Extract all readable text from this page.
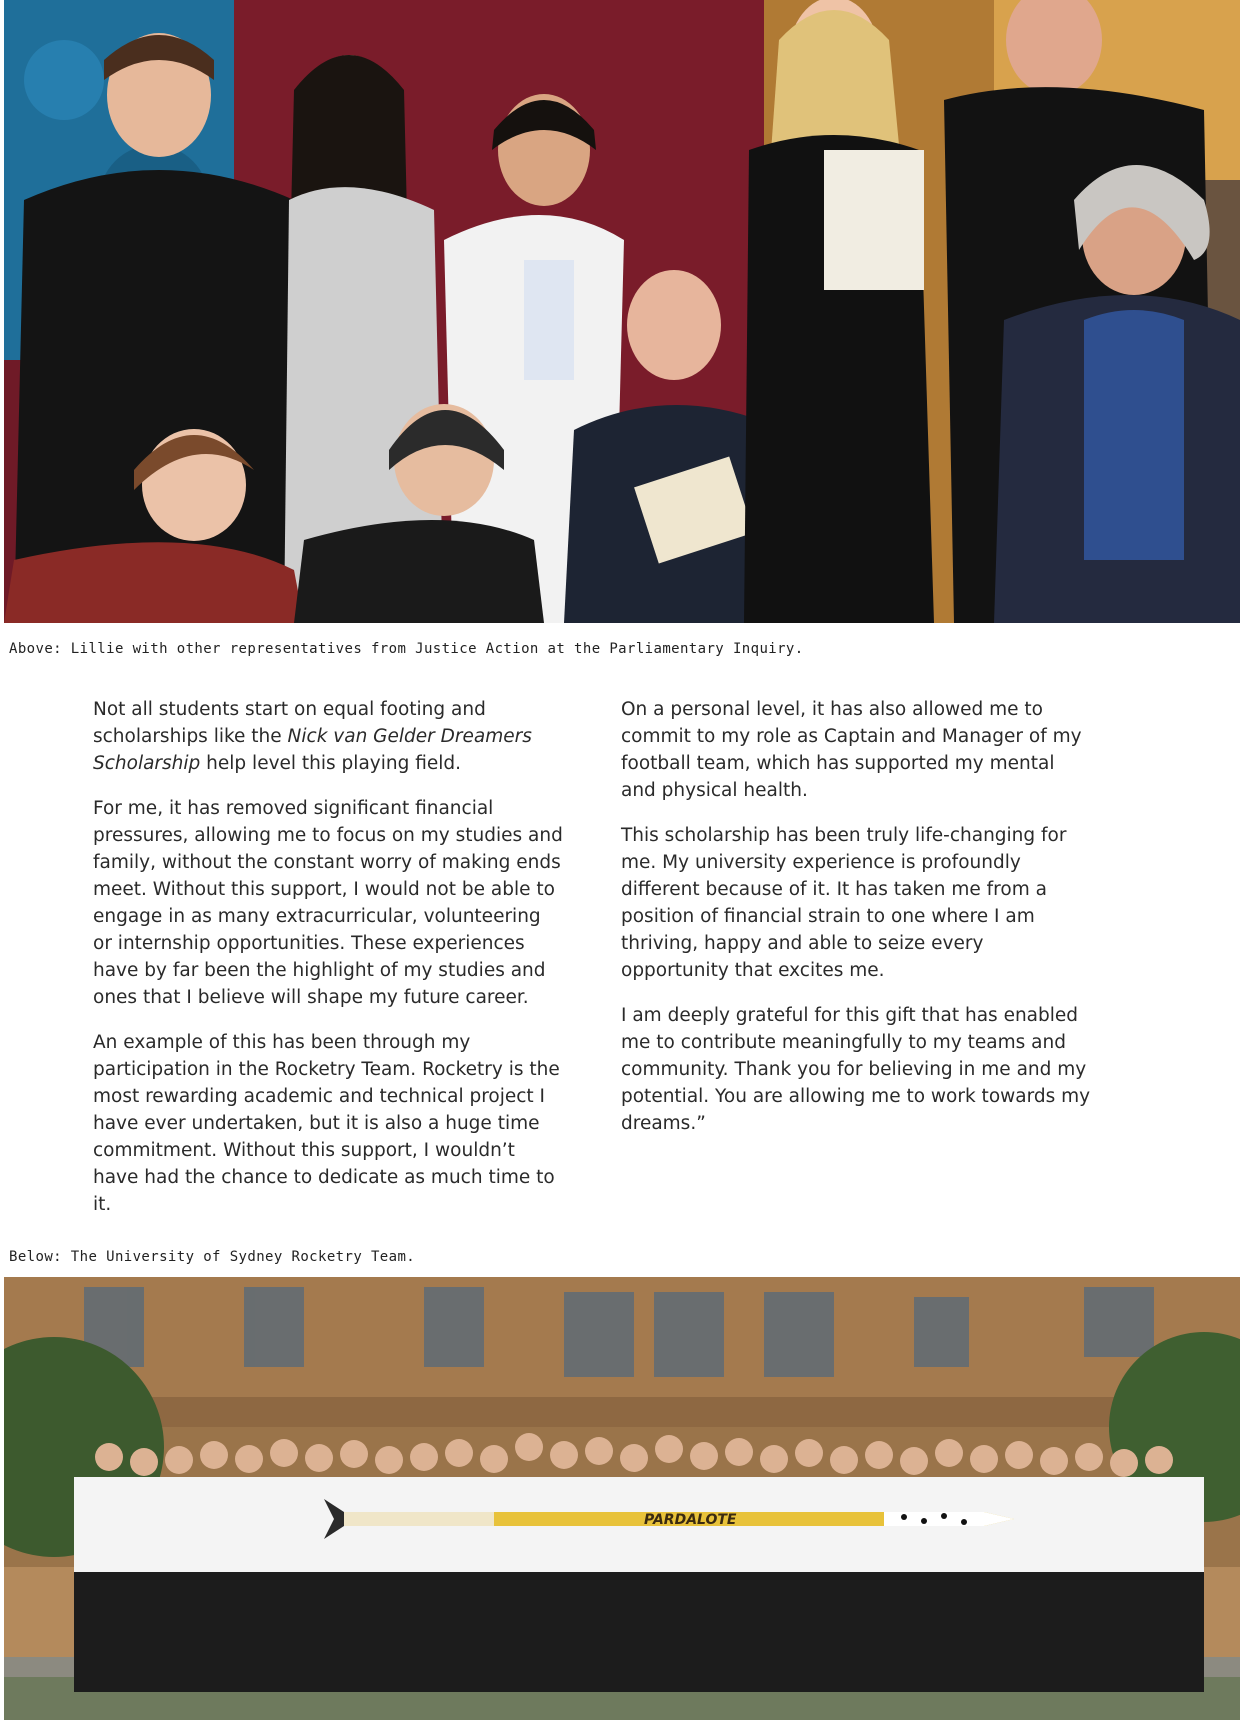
Above: Lillie with other representatives from Justice Action at the Parliamentary Inquiry.

Not all students start on equal footing and scholarships like the Nick van Gelder Dreamers Scholarship help level this playing field.

For me, it has removed significant financial pressures, allowing me to focus on my studies and family, without the constant worry of making ends meet. Without this support, I would not be able to engage in as many extracurricular, volunteering or internship opportunities. These experiences have by far been the highlight of my studies and ones that I believe will shape my future career.

An example of this has been through my participation in the Rocketry Team. Rocketry is the most rewarding academic and technical project I have ever undertaken, but it is also a huge time commitment. Without this support, I wouldn’t have had the chance to dedicate as much time to it.

On a personal level, it has also allowed me to commit to my role as Captain and Manager of my football team, which has supported my mental and physical health.

This scholarship has been truly life-changing for me. My university experience is profoundly different because of it. It has taken me from a position of financial strain to one where I am thriving, happy and able to seize every opportunity that excites me.

I am deeply grateful for this gift that has enabled me to contribute meaningfully to my teams and community. Thank you for believing in me and my potential. You are allowing me to work towards my dreams.”

Below: The University of Sydney Rocketry Team.
PARDALOTE
